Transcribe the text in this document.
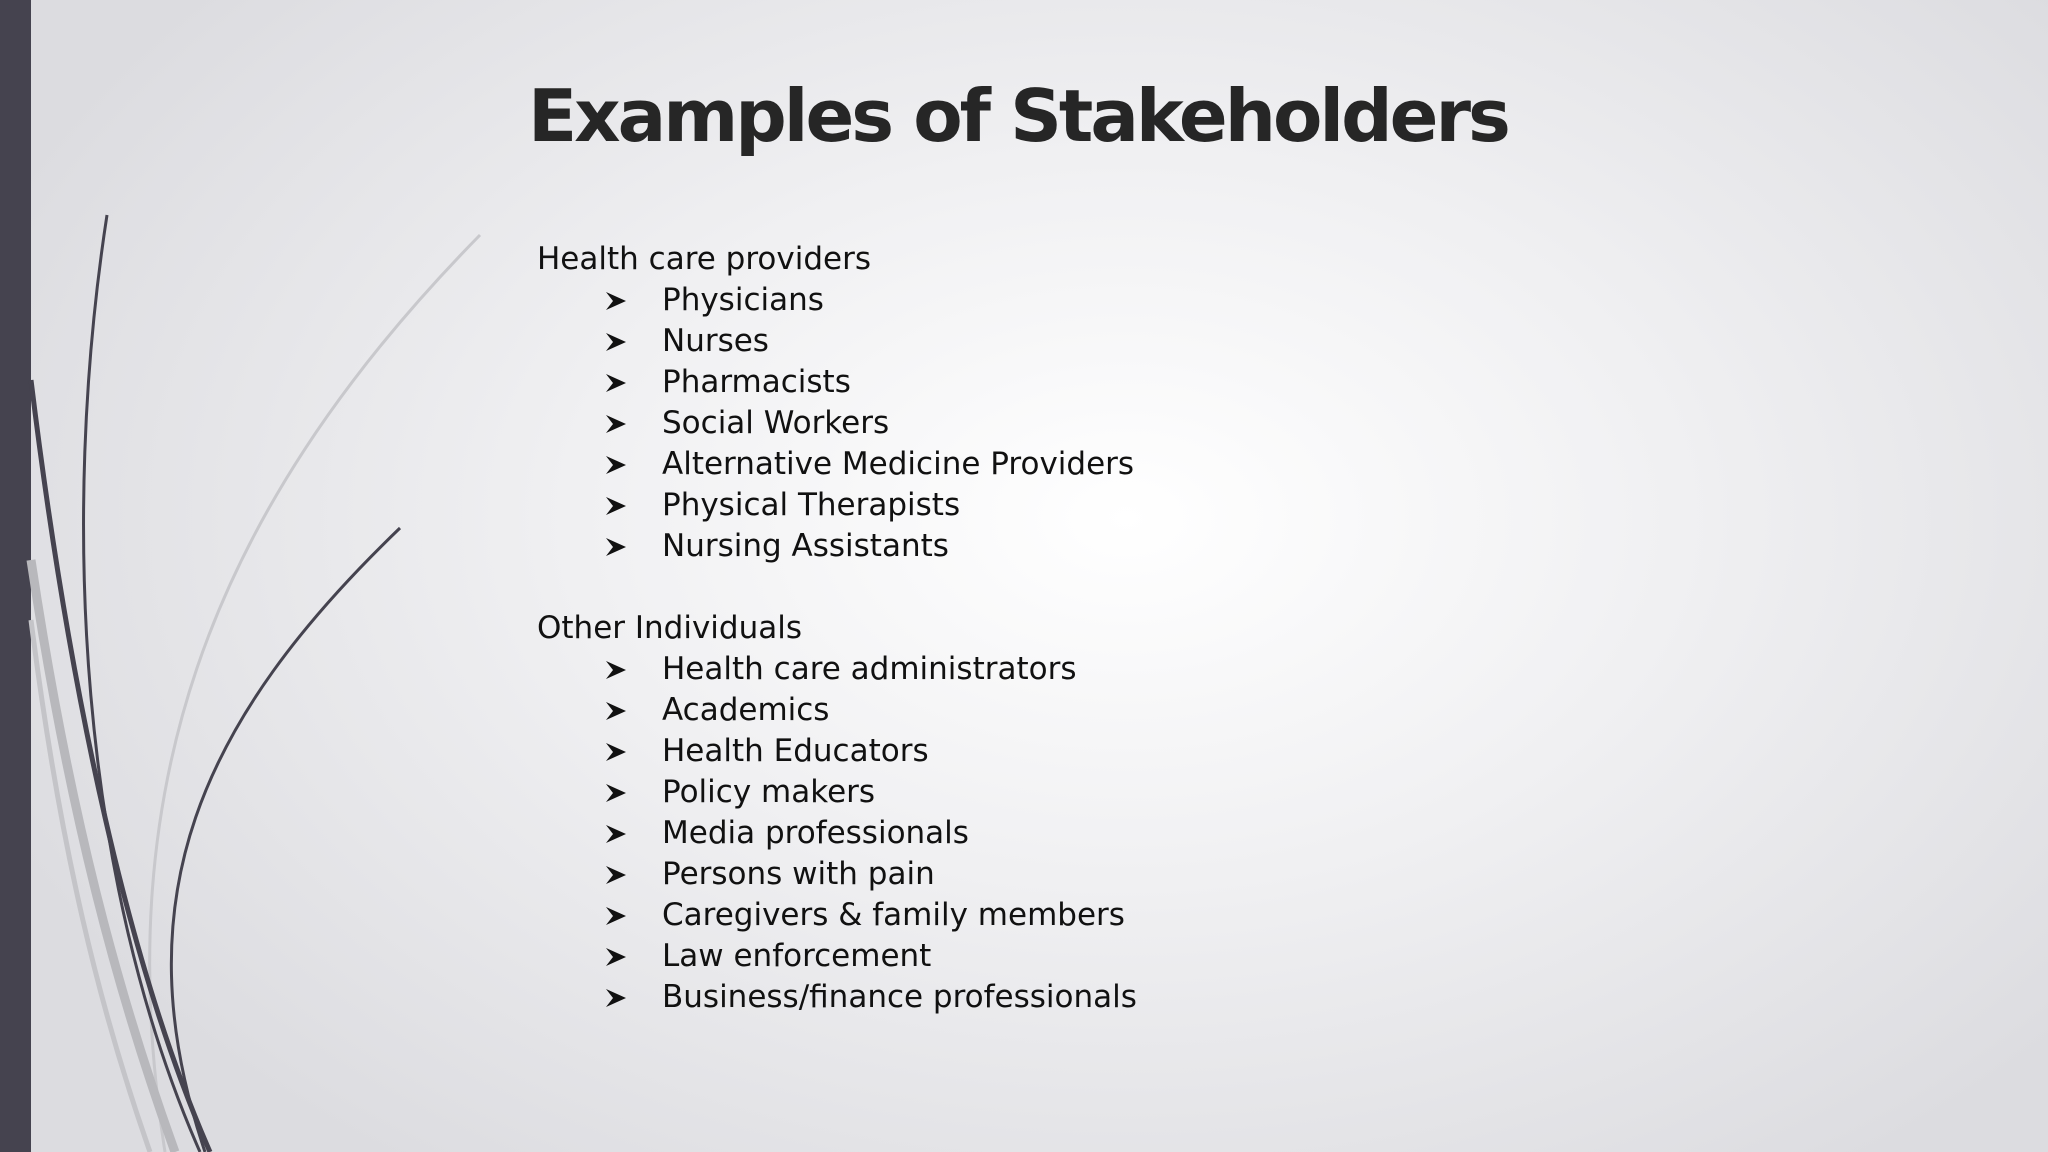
Examples of Stakeholders
Health care providers
Physicians
Nurses
Pharmacists
Social Workers
Alternative Medicine Providers
Physical Therapists
Nursing Assistants
Other Individuals
Health care administrators
Academics
Health Educators
Policy makers
Media professionals
Persons with pain
Caregivers & family members
Law enforcement
Business/finance professionals
